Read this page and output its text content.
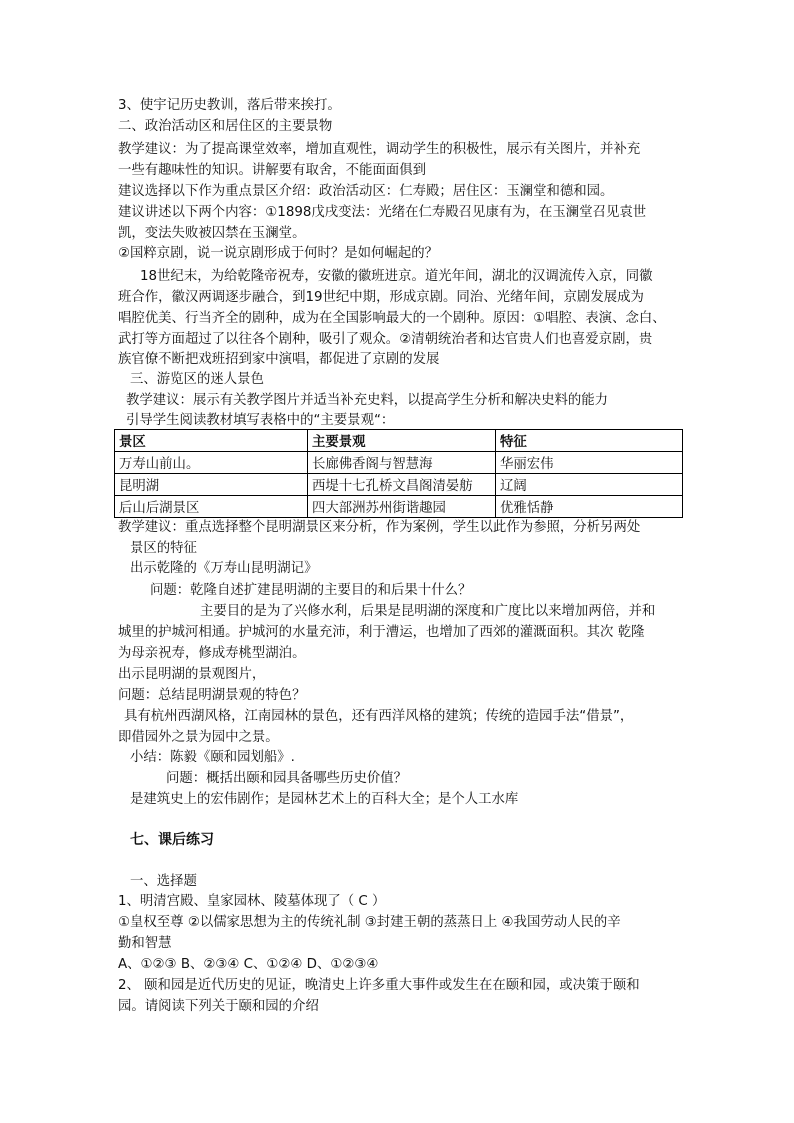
3、使宇记历史教训，落后带来挨打。
二、政治活动区和居住区的主要景物
教学建议：为了提高课堂效率，增加直观性，调动学生的积极性，展示有关图片，并补充
一些有趣味性的知识。讲解要有取舍，不能面面俱到
建议选择以下作为重点景区介绍：政治活动区：仁寿殿；居住区：玉澜堂和德和园。
建议讲述以下两个内容：①1898戊戌变法：光绪在仁寿殿召见康有为，在玉澜堂召见袁世
凯，变法失败被囚禁在玉澜堂。
②国粹京剧，说一说京剧形成于何时？是如何崛起的？
18世纪末，为给乾隆帝祝寿，安徽的徽班进京。道光年间，湖北的汉调流传入京，同徽
班合作，徽汉两调逐步融合，到19世纪中期，形成京剧。同治、光绪年间，京剧发展成为
唱腔优美、行当齐全的剧种，成为在全国影响最大的一个剧种。原因：①唱腔、表演、念白、
武打等方面超过了以往各个剧种，吸引了观众。②清朝统治者和达官贵人们也喜爱京剧，贵
族官僚不断把戏班招到家中演唱，都促进了京剧的发展
三、游览区的迷人景色
教学建议：展示有关教学图片并适当补充史料，以提高学生分析和解决史料的能力
引导学生阅读教材填写表格中的“主要景观“：
景区	主要景观	特征
万寿山前山。	长廊佛香阁与智慧海	华丽宏伟
昆明湖	西堤十七孔桥文昌阁清晏舫	辽阔
后山后湖景区	四大部洲苏州街谐趣园	优雅恬静
教学建议：重点选择整个昆明湖景区来分析，作为案例，学生以此作为参照，分析另两处
景区的特征
出示乾隆的《万寿山昆明湖记》
问题：乾隆自述扩建昆明湖的主要目的和后果十什么？
主要目的是为了兴修水利，后果是昆明湖的深度和广度比以来增加两倍，并和
城里的护城河相通。护城河的水量充沛，利于漕运，也增加了西郊的灌溉面积。其次 乾隆
为母亲祝寿，修成寿桃型湖泊。
出示昆明湖的景观图片，
问题：总结昆明湖景观的特色？
具有杭州西湖风格，江南园林的景色，还有西洋风格的建筑；传统的造园手法“借景”，
即借园外之景为园中之景。
小结：陈毅《颐和园划船》.
问题：概括出颐和园具备哪些历史价值？
是建筑史上的宏伟剧作；是园林艺术上的百科大全；是个人工水库
七、课后练习
一、选择题
1、明清宫殿、皇家园林、陵墓体现了（ C ）
①皇权至尊 ②以儒家思想为主的传统礼制 ③封建王朝的蒸蒸日上 ④我国劳动人民的辛
勤和智慧
A、①②③ B、②③④ C、①②④ D、①②③④
2、 颐和园是近代历史的见证，晚清史上许多重大事件或发生在在颐和园，或决策于颐和
园。请阅读下列关于颐和园的介绍
